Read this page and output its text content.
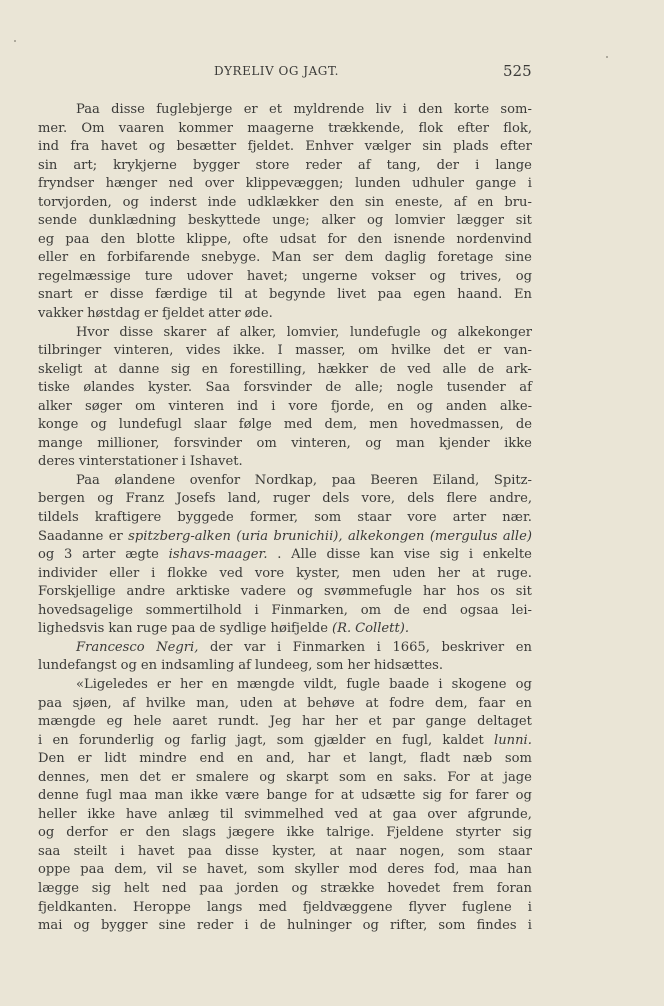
DYRELIV OG JAGT.	525
Paa disse fuglebjerge er et myldrende liv i den korte som-
mer. Om vaaren kommer maagerne trækkende, flok efter flok,
ind fra havet og besætter fjeldet. Enhver vælger sin plads efter
sin art; krykjerne bygger store reder af tang, der i lange
fryndser hænger ned over klippevæggen; lunden udhuler gange i
torvjorden, og inderst inde udklækker den sin eneste, af en bru-
sende dunklædning beskyttede unge; alker og lomvier lægger sit
eg paa den blotte klippe, ofte udsat for den isnende nordenvind
eller en forbifarende snebyge. Man ser dem daglig foretage sine
regelmæssige ture udover havet; ungerne vokser og trives, og
snart er disse færdige til at begynde livet paa egen haand. En
vakker høstdag er fjeldet atter øde.
Hvor disse skarer af alker, lomvier, lundefugle og alkekonger
tilbringer vinteren, vides ikke. I masser, om hvilke det er van-
skeligt at danne sig en forestilling, hækker de ved alle de ark-
tiske ølandes kyster. Saa forsvinder de alle; nogle tusender af
alker søger om vinteren ind i vore fjorde, en og anden alke-
konge og lundefugl slaar følge med dem, men hovedmassen, de
mange millioner, forsvinder om vinteren, og man kjender ikke
deres vinterstationer i Ishavet.
Paa ølandene ovenfor Nordkap, paa Beeren Eiland, Spitz-
bergen og Franz Josefs land, ruger dels vore, dels flere andre,
tildels kraftigere byggede former, som staar vore arter nær.
Saadanne er spitzberg-alken (uria brunichii), alkekongen (mergulus alle)
og 3 arter ægte ishavs-maager. . Alle disse kan vise sig i enkelte
individer eller i flokke ved vore kyster, men uden her at ruge.
Forskjellige andre arktiske vadere og svømmefugle har hos os sit
hovedsagelige sommertilhold i Finmarken, om de end ogsaa lei-
lighedsvis kan ruge paa de sydlige høifjelde (R. Collett).
Francesco Negri, der var i Finmarken i 1665, beskriver en
lundefangst og en indsamling af lundeeg, som her hidsættes.
«Ligeledes er her en mængde vildt, fugle baade i skogene og
paa sjøen, af hvilke man, uden at behøve at fodre dem, faar en
mængde eg hele aaret rundt. Jeg har her et par gange deltaget
i en forunderlig og farlig jagt, som gjælder en fugl, kaldet lunni.
Den er lidt mindre end en and, har et langt, fladt næb som
dennes, men det er smalere og skarpt som en saks. For at jage
denne fugl maa man ikke være bange for at udsætte sig for farer og
heller ikke have anlæg til svimmelhed ved at gaa over afgrunde,
og derfor er den slags jægere ikke talrige. Fjeldene styrter sig
saa steilt i havet paa disse kyster, at naar nogen, som staar
oppe paa dem, vil se havet, som skyller mod deres fod, maa han
lægge sig helt ned paa jorden og strække hovedet frem foran
fjeldkanten. Heroppe langs med fjeldvæggene flyver fuglene i
mai og bygger sine reder i de hulninger og rifter, som findes i
